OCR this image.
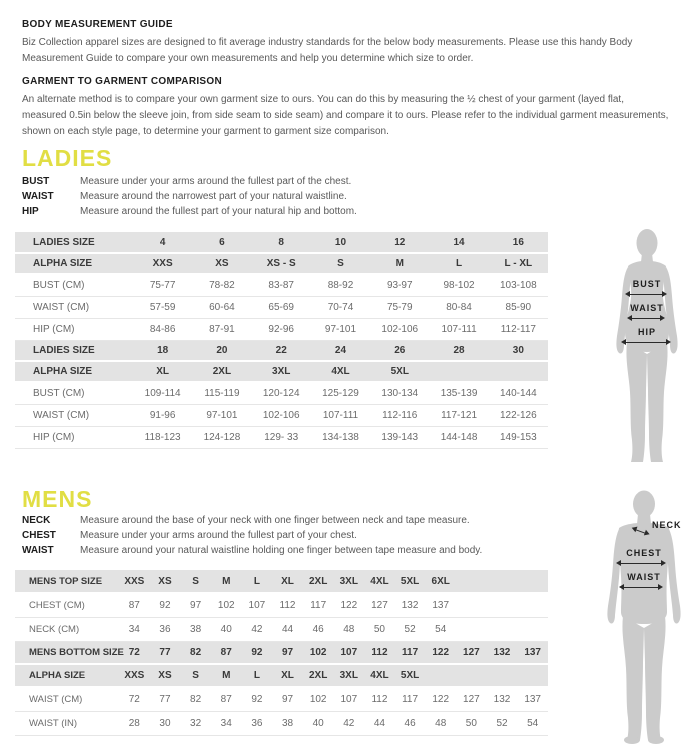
BODY MEASUREMENT GUIDE

Biz Collection apparel sizes are designed to fit average industry standards for the below body measurements. Please use this handy Body Measurement Guide to compare your own measurements and help you determine which size to order.

GARMENT TO GARMENT COMPARISON

An alternate method is to compare your own garment size to ours. You can do this by measuring the ½ chest of your garment (layed flat, measured 0.5in below the sleeve join, from side seam to side seam) and compare it to ours. Please refer to the individual garment measurements, shown on each style page, to determine your garment to garment size comparison.

LADIES
BUST	Measure under your arms around the fullest part of the chest.
WAIST	Measure around the narrowest part of your natural waistline.
HIP	Measure around the fullest part of your natural hip and bottom.
LADIES SIZE	4	6	8	10	12	14	16
ALPHA SIZE	XXS	XS	XS - S	S	M	L	L - XL
BUST (CM)	75-77	78-82	83-87	88-92	93-97	98-102	103-108
WAIST (CM)	57-59	60-64	65-69	70-74	75-79	80-84	85-90
HIP (CM)	84-86	87-91	92-96	97-101	102-106	107-111	112-117
LADIES SIZE	18	20	22	24	26	28	30
ALPHA SIZE	XL	2XL	3XL	4XL	5XL		
BUST (CM)	109-114	115-119	120-124	125-129	130-134	135-139	140-144
WAIST (CM)	91-96	97-101	102-106	107-111	112-116	117-121	122-126
HIP (CM)	118-123	124-128	129- 33	134-138	139-143	144-148	149-153
BUST
WAIST
HIP
MENS
NECK	Measure around the base of your neck with one finger between neck and tape measure.
CHEST	Measure under your arms around the fullest part of your chest.
WAIST	Measure around your natural waistline holding one finger between tape measure and body.
MENS TOP SIZE	XXS	XS	S	M	L	XL	2XL	3XL	4XL	5XL	6XL			
CHEST (CM)	87	92	97	102	107	112	117	122	127	132	137			
NECK (CM)	34	36	38	40	42	44	46	48	50	52	54			
MENS BOTTOM SIZE	72	77	82	87	92	97	102	107	112	117	122	127	132	137
ALPHA SIZE	XXS	XS	S	M	L	XL	2XL	3XL	4XL	5XL				
WAIST (CM)	72	77	82	87	92	97	102	107	112	117	122	127	132	137
WAIST (IN)	28	30	32	34	36	38	40	42	44	46	48	50	52	54
NECK
CHEST
WAIST
